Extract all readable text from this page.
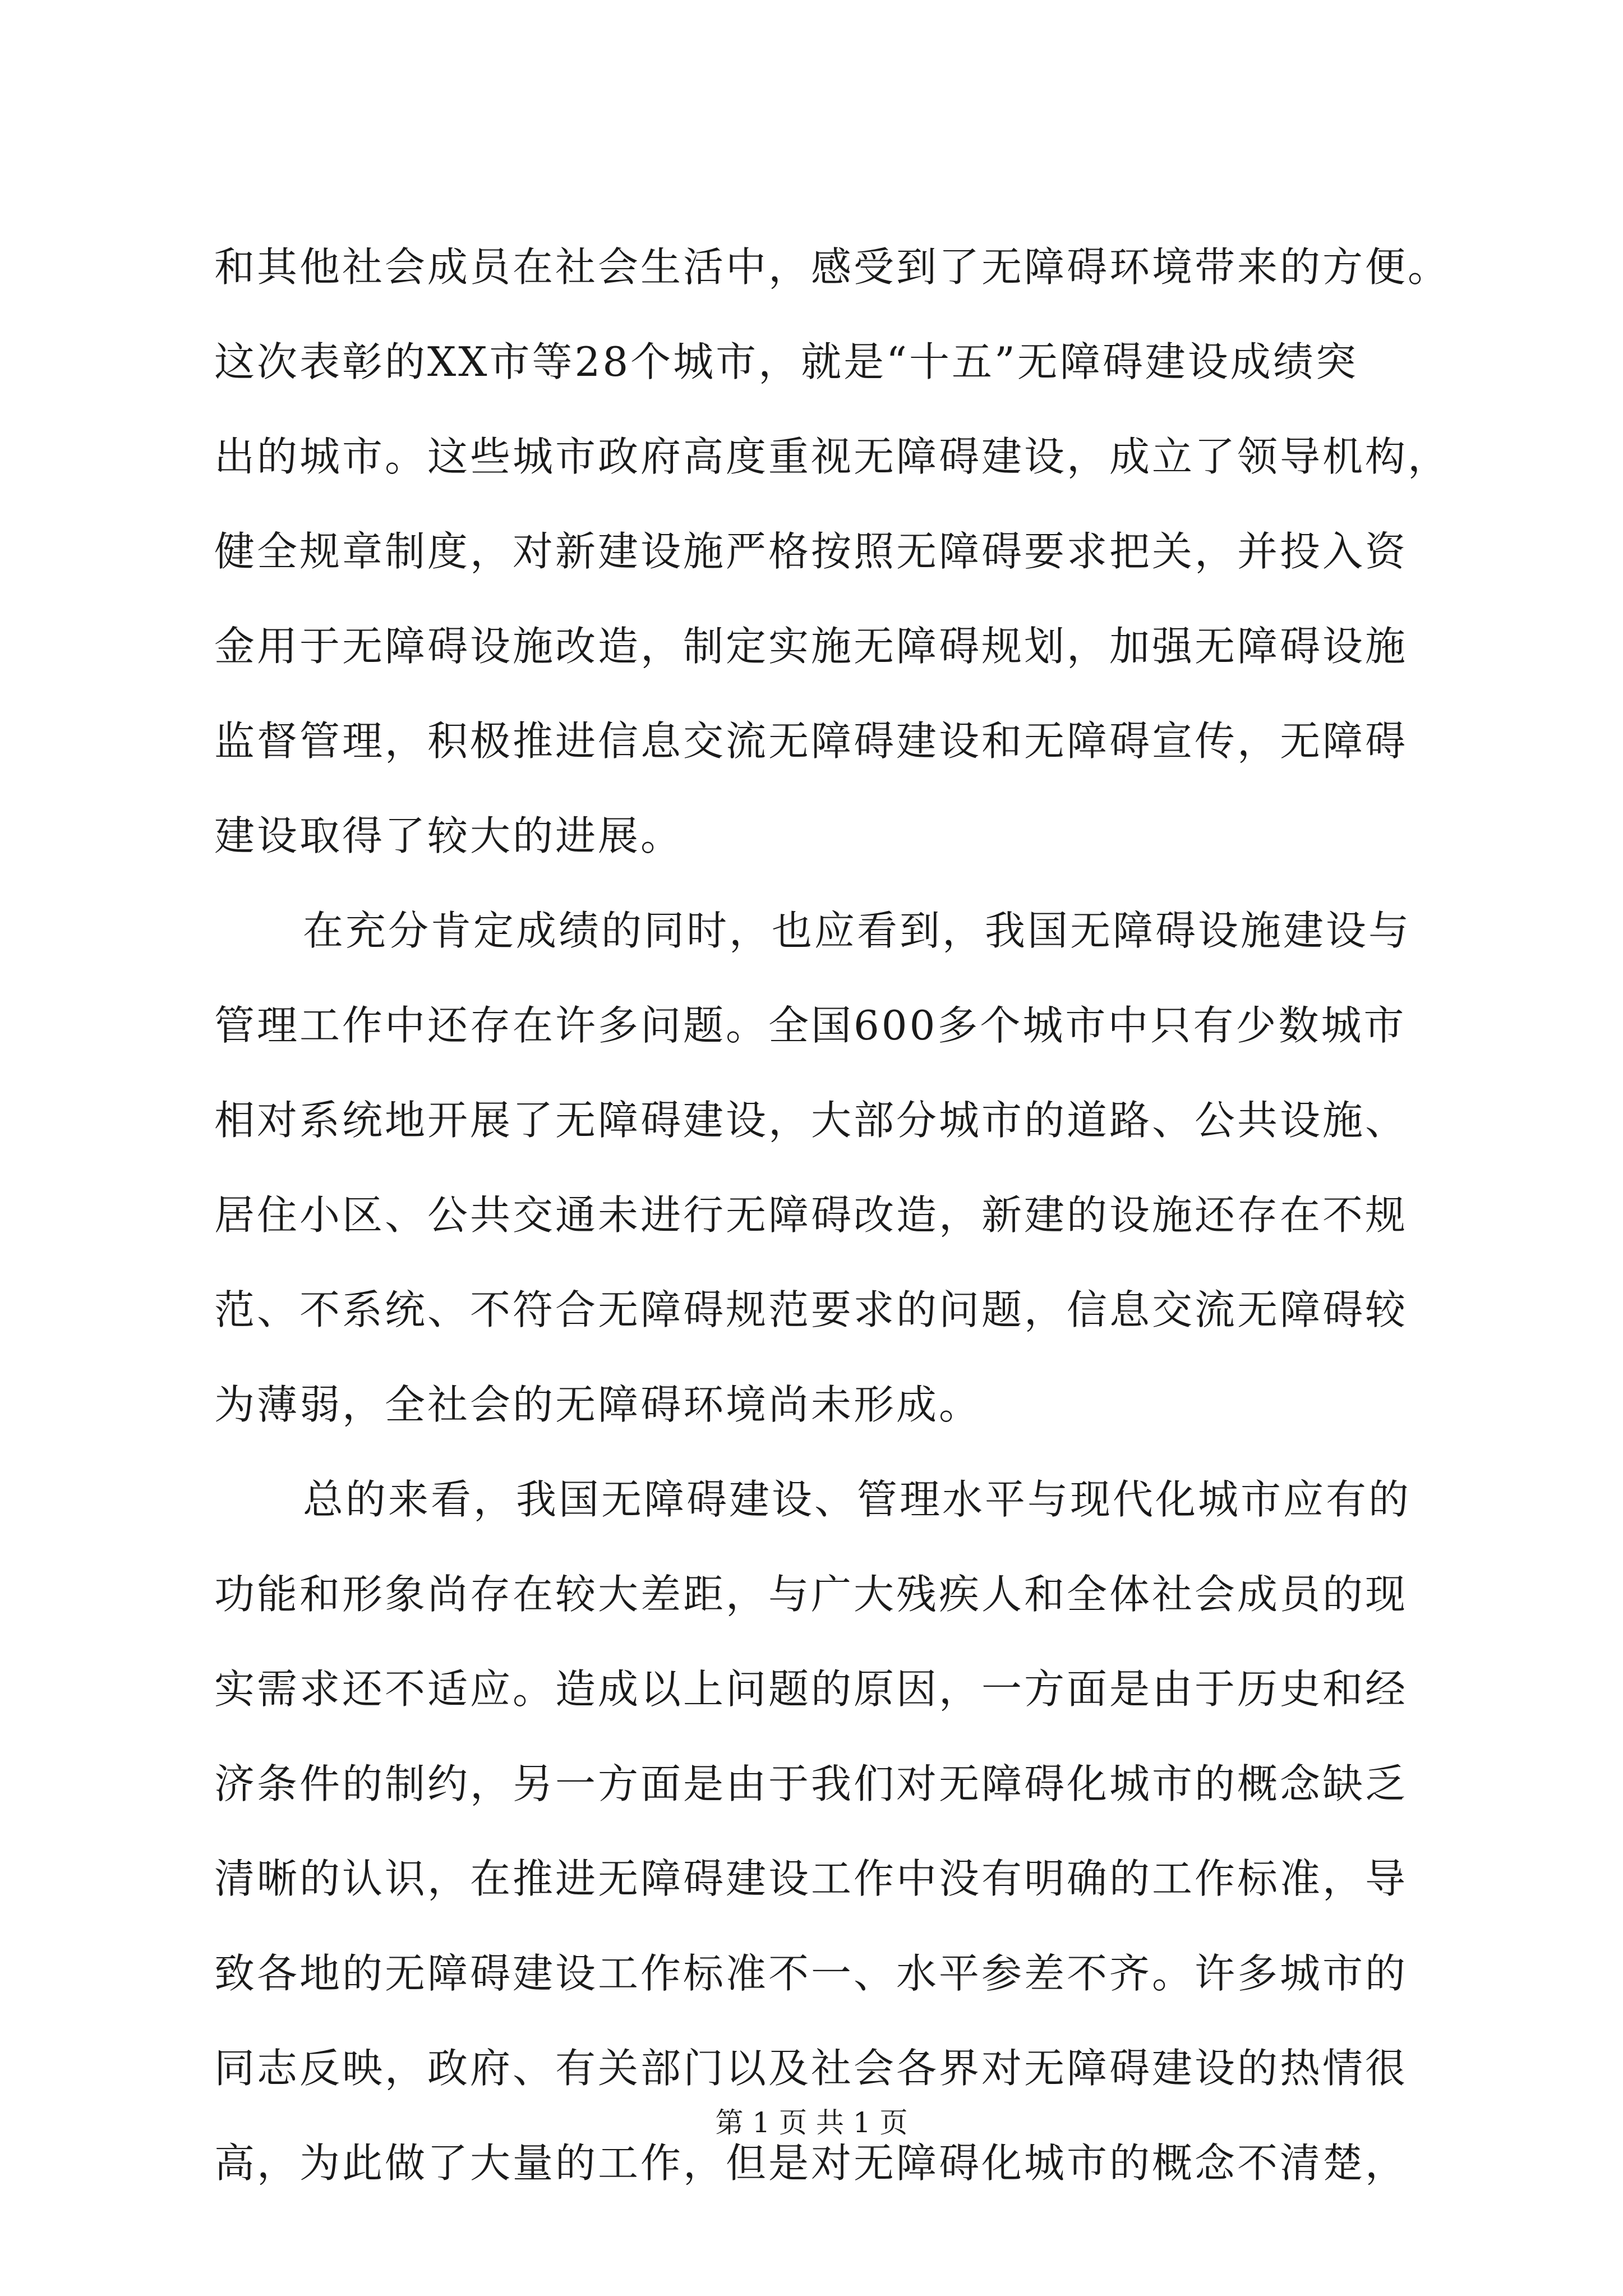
和其他社会成员在社会生活中，感受到了无障碍环境带来的方便。
这次表彰的XX市等28个城市，就是“十五”无障碍建设成绩突
出的城市。这些城市政府高度重视无障碍建设，成立了领导机构，
健全规章制度，对新建设施严格按照无障碍要求把关，并投入资
金用于无障碍设施改造，制定实施无障碍规划，加强无障碍设施
监督管理，积极推进信息交流无障碍建设和无障碍宣传，无障碍
建设取得了较大的进展。
在充分肯定成绩的同时，也应看到，我国无障碍设施建设与
管理工作中还存在许多问题。全国600多个城市中只有少数城市
相对系统地开展了无障碍建设，大部分城市的道路、公共设施、
居住小区、公共交通未进行无障碍改造，新建的设施还存在不规
范、不系统、不符合无障碍规范要求的问题，信息交流无障碍较
为薄弱，全社会的无障碍环境尚未形成。
总的来看，我国无障碍建设、管理水平与现代化城市应有的
功能和形象尚存在较大差距，与广大残疾人和全体社会成员的现
实需求还不适应。造成以上问题的原因，一方面是由于历史和经
济条件的制约，另一方面是由于我们对无障碍化城市的概念缺乏
清晰的认识，在推进无障碍建设工作中没有明确的工作标准，导
致各地的无障碍建设工作标准不一、水平参差不齐。许多城市的
同志反映，政府、有关部门以及社会各界对无障碍建设的热情很
高，为此做了大量的工作，但是对无障碍化城市的概念不清楚，
第 1 页 共 1 页
